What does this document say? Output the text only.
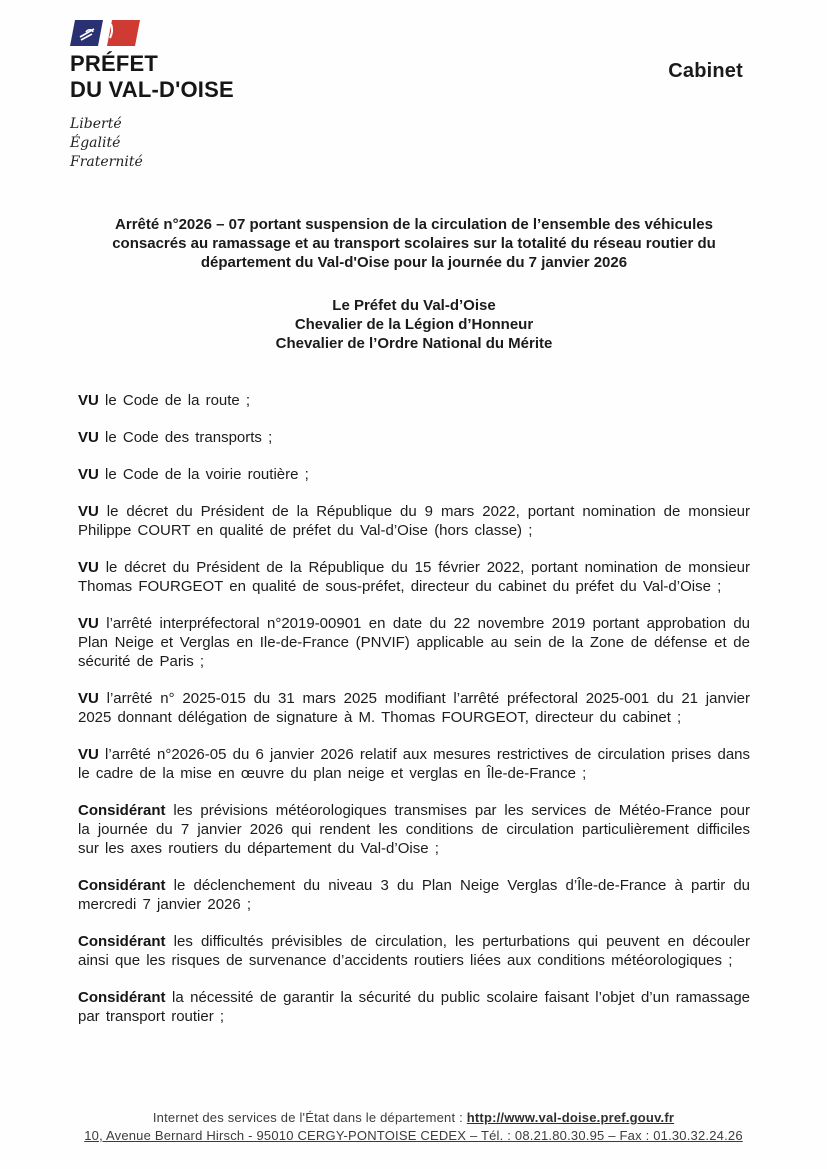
PRÉFET
DU VAL-D'OISE
Liberté
Égalité
Fraternité
Cabinet
Arrêté n°2026 – 07 portant suspension de la circulation de l’ensemble des véhicules
consacrés au ramassage et au transport scolaires sur la totalité du réseau routier du
département du Val-d'Oise pour la journée du 7 janvier 2026
Le Préfet du Val-d’Oise
Chevalier de la Légion d’Honneur
Chevalier de l’Ordre National du Mérite

VU le Code de la route ;

VU le Code des transports ;

VU le Code de la voirie routière ;

VU le décret du Président de la République du 9 mars 2022, portant nomination de monsieur Philippe COURT en qualité de préfet du Val-d’Oise (hors classe) ;

VU le décret du Président de la République du 15 février 2022, portant nomination de monsieur Thomas FOURGEOT en qualité de sous-préfet, directeur du cabinet du préfet du Val-d’Oise ;

VU l’arrêté interpréfectoral n°2019-00901 en date du 22 novembre 2019 portant approbation du Plan Neige et Verglas en Ile-de-France (PNVIF) applicable au sein de la Zone de défense et de sécurité de Paris ;

VU l’arrêté n° 2025-015 du 31 mars 2025 modifiant l’arrêté préfectoral 2025-001 du 21 janvier 2025 donnant délégation de signature à M. Thomas FOURGEOT, directeur du cabinet ;

VU l’arrêté n°2026-05 du 6 janvier 2026 relatif aux mesures restrictives de circulation prises dans le cadre de la mise en œuvre du plan neige et verglas en Île-de-France ;

Considérant les prévisions météorologiques transmises par les services de Météo-France pour la journée du 7 janvier 2026 qui rendent les conditions de circulation particulièrement difficiles sur les axes routiers du département du Val-d’Oise ;

Considérant le déclenchement du niveau 3 du Plan Neige Verglas d’Île-de-France à partir du mercredi 7 janvier 2026 ;

Considérant les difficultés prévisibles de circulation, les perturbations qui peuvent en découler ainsi que les risques de survenance d’accidents routiers liées aux conditions météorologiques ;

Considérant la nécessité de garantir la sécurité du public scolaire faisant l’objet d’un ramassage par transport routier ;

Internet des services de l'État dans le département : http://www.val-doise.pref.gouv.fr
10, Avenue Bernard Hirsch - 95010 CERGY-PONTOISE CEDEX – Tél. : 08.21.80.30.95 – Fax : 01.30.32.24.26
